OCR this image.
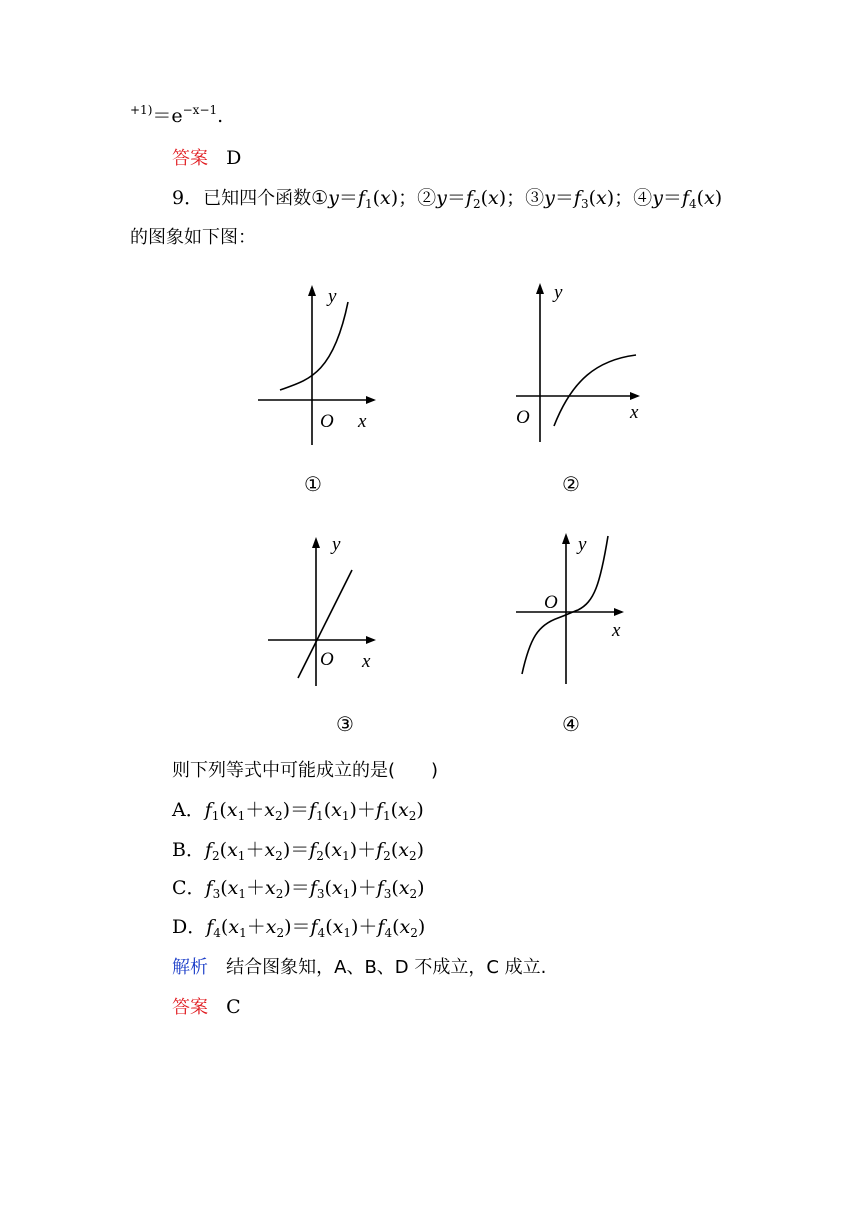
$^{+1)}=e^{-x-1}$.
答案 D
9．已知四个函数$①y=f_1(x)$；$②y=f_2(x)$；$③y=f_3(x)$；$④y=f_4(x)$
的图象如下图：
y
O x
①
y
O	x
②
y
O x
③
y
O
x
④
则下列等式中可能成立的是(　　)
A．$f_1(x_1+x_2)=f_1(x_1)+f_1(x_2)$
B．$f_2(x_1+x_2)=f_2(x_1)+f_2(x_2)$
C．$f_3(x_1+x_2)=f_3(x_1)+f_3(x_2)$
D．$f_4(x_1+x_2)=f_4(x_1)+f_4(x_2)$
解析 结合图象知，A、B、D 不成立，C 成立.
答案 C
